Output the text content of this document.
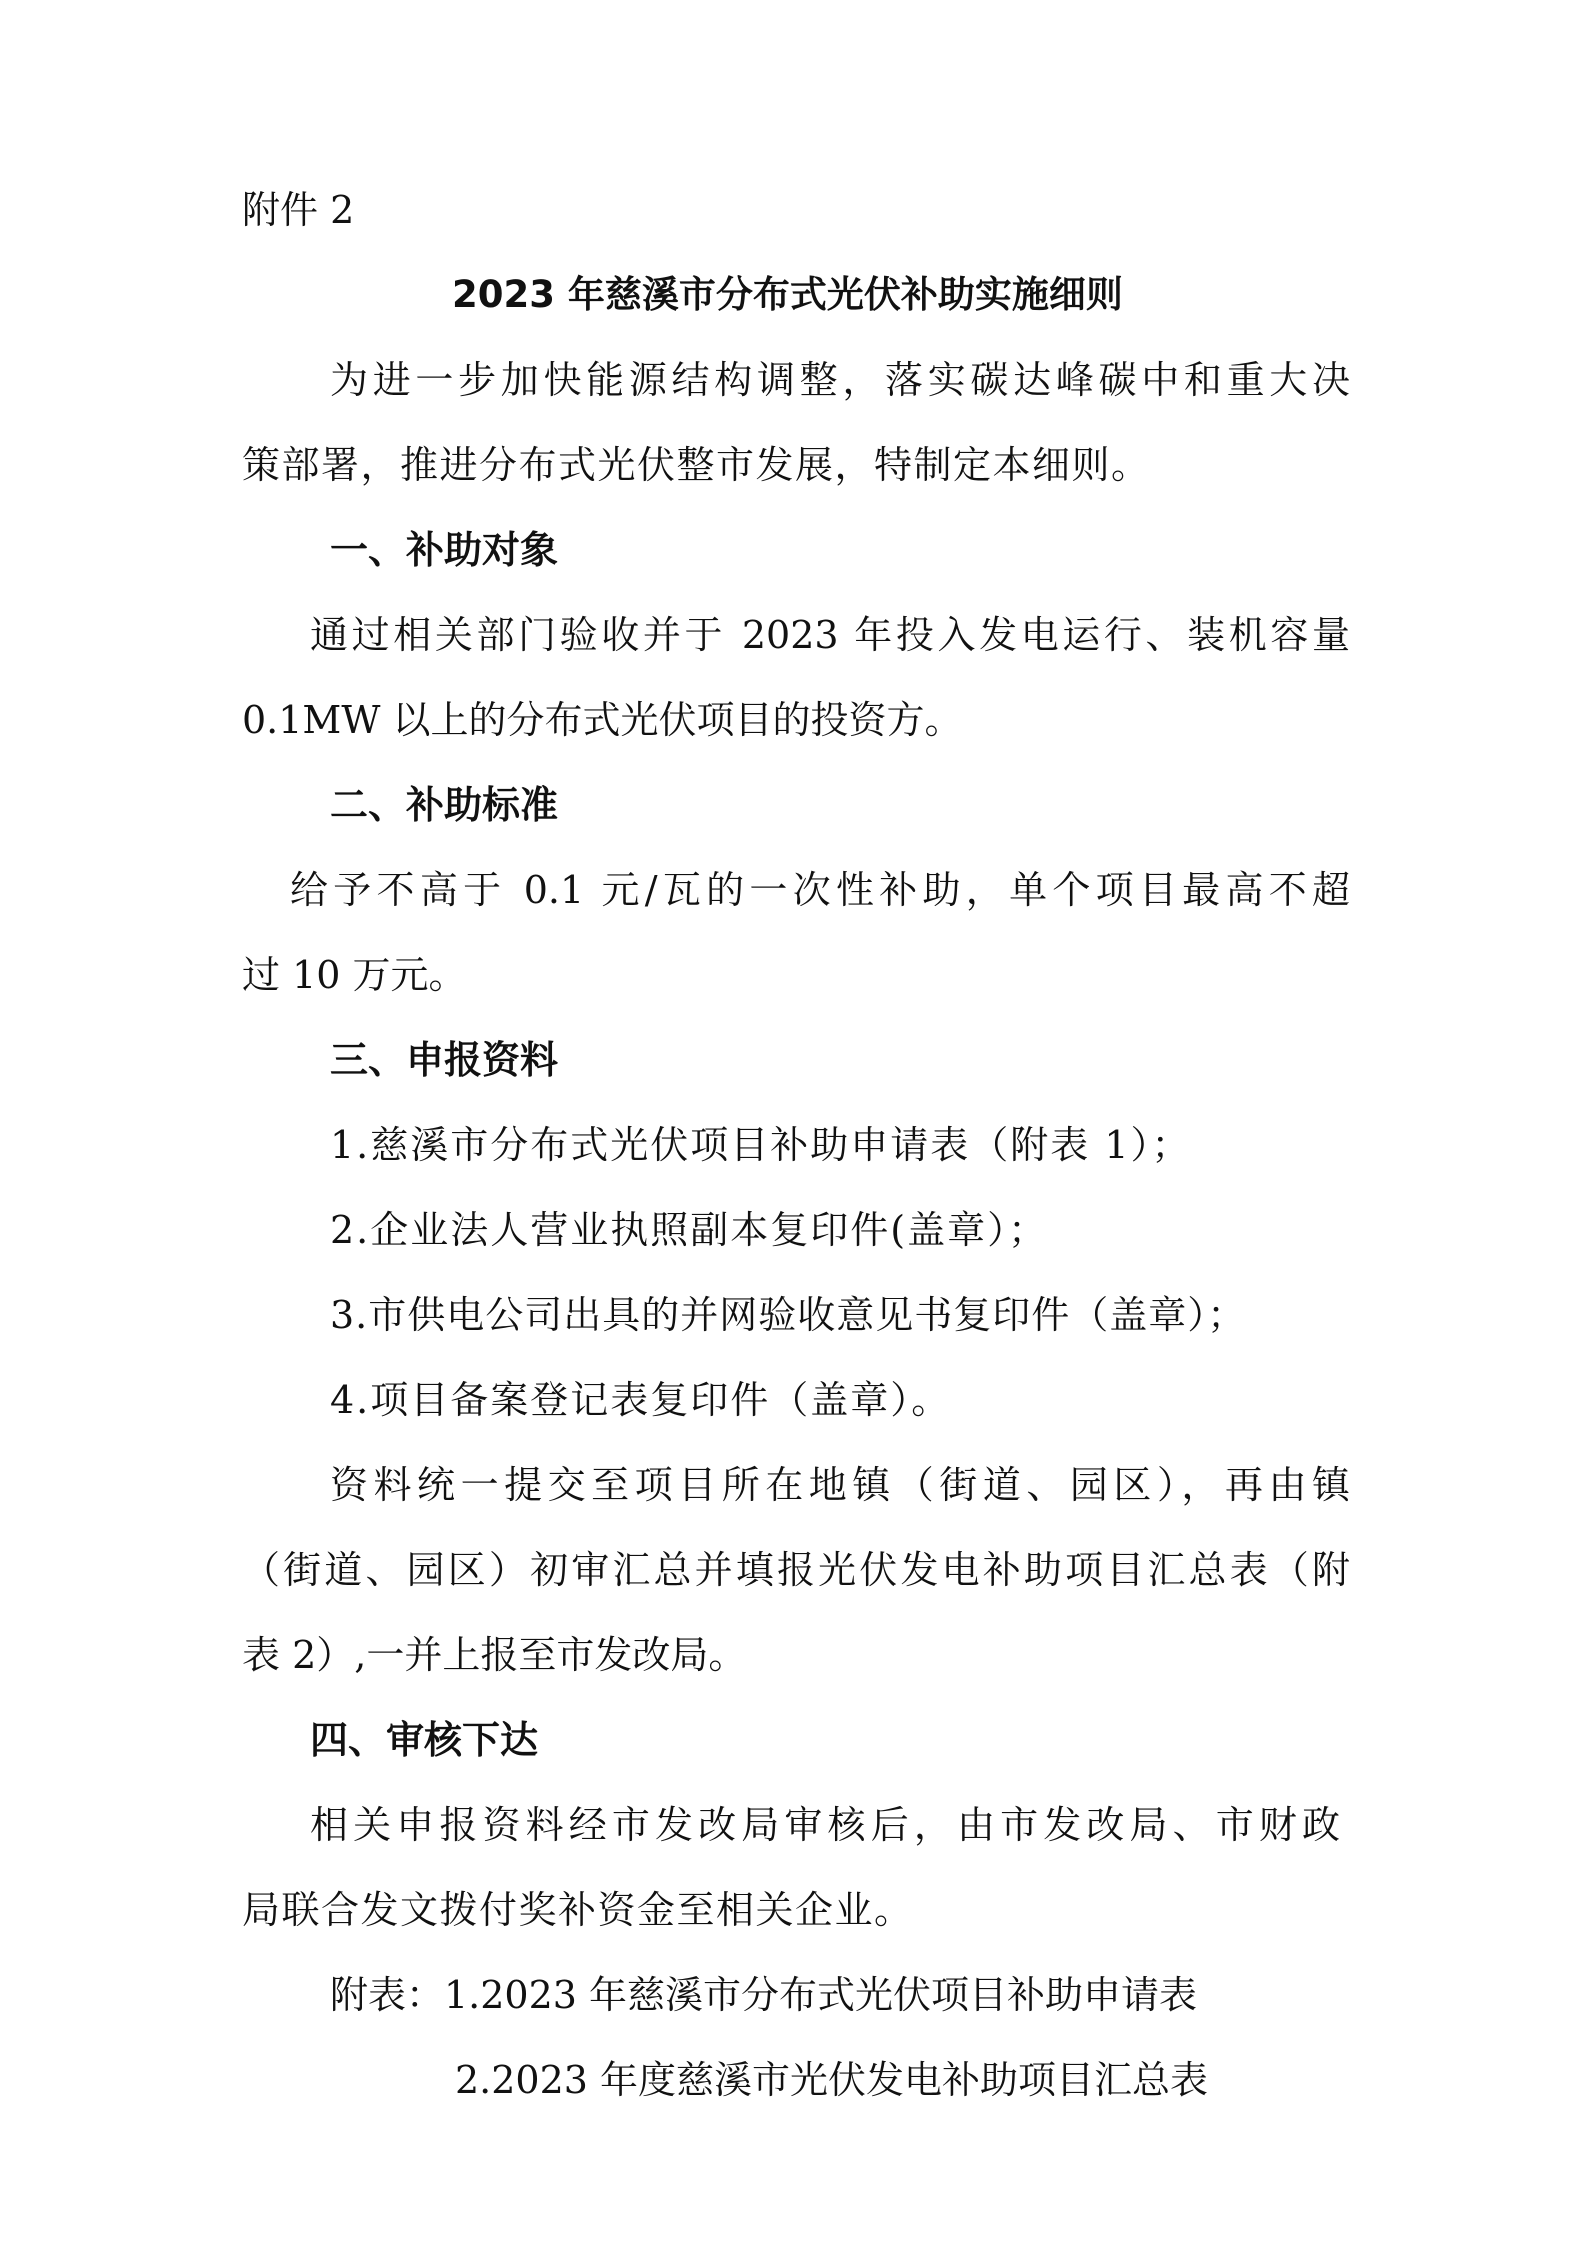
附件 2
2023 年慈溪市分布式光伏补助实施细则
为进一步加快能源结构调整，落实碳达峰碳中和重大决
策部署，推进分布式光伏整市发展，特制定本细则。
一、补助对象
通过相关部门验收并于 2023 年投入发电运行、装机容量
0.1MW 以上的分布式光伏项目的投资方。
二、补助标准
给予不高于 0.1 元/瓦的一次性补助，单个项目最高不超
过 10 万元。
三、申报资料
1.慈溪市分布式光伏项目补助申请表（附表 1）；
2.企业法人营业执照副本复印件(盖章）；
3.市供电公司出具的并网验收意见书复印件（盖章）；
4.项目备案登记表复印件（盖章）。
资料统一提交至项目所在地镇（街道、园区），再由镇
（街道、园区）初审汇总并填报光伏发电补助项目汇总表（附
表 2）,一并上报至市发改局。
四、审核下达
相关申报资料经市发改局审核后，由市发改局、市财政
局联合发文拨付奖补资金至相关企业。
附表：1.2023 年慈溪市分布式光伏项目补助申请表
2.2023 年度慈溪市光伏发电补助项目汇总表
